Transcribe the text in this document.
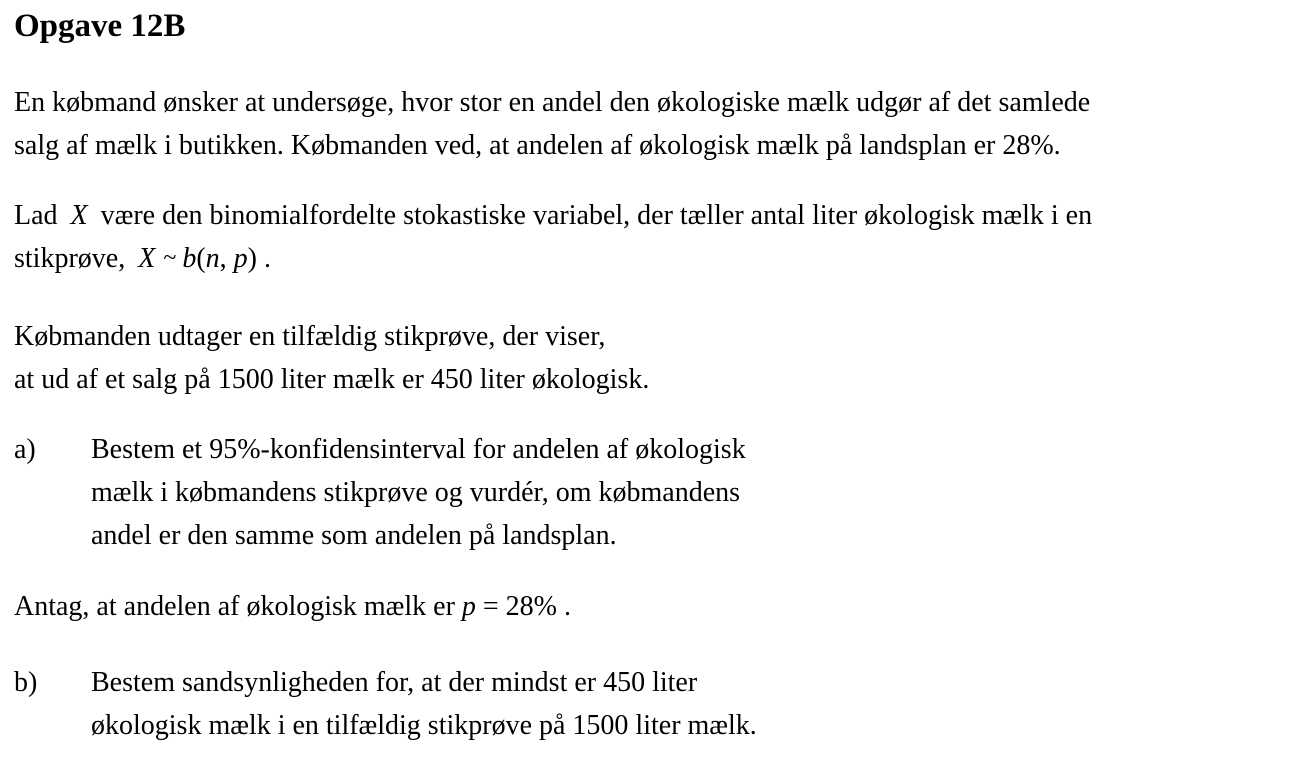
Opgave 12B
En købmand ønsker at undersøge, hvor stor en andel den økologiske mælk udgør af det samlede
salg af mælk i butikken. Købmanden ved, at andelen af økologisk mælk på landsplan er 28%.
Lad X være den binomialfordelte stokastiske variabel, der tæller antal liter økologisk mælk i en
stikprøve, X ~ b(n, p) .
Købmanden udtager en tilfældig stikprøve, der viser,
at ud af et salg på 1500 liter mælk er 450 liter økologisk.
a) Bestem et 95%-konfidensinterval for andelen af økologisk
mælk i købmandens stikprøve og vurdér, om købmandens
andel er den samme som andelen på landsplan.
Antag, at andelen af økologisk mælk er p = 28% .
b) Bestem sandsynligheden for, at der mindst er 450 liter
økologisk mælk i en tilfældig stikprøve på 1500 liter mælk.
